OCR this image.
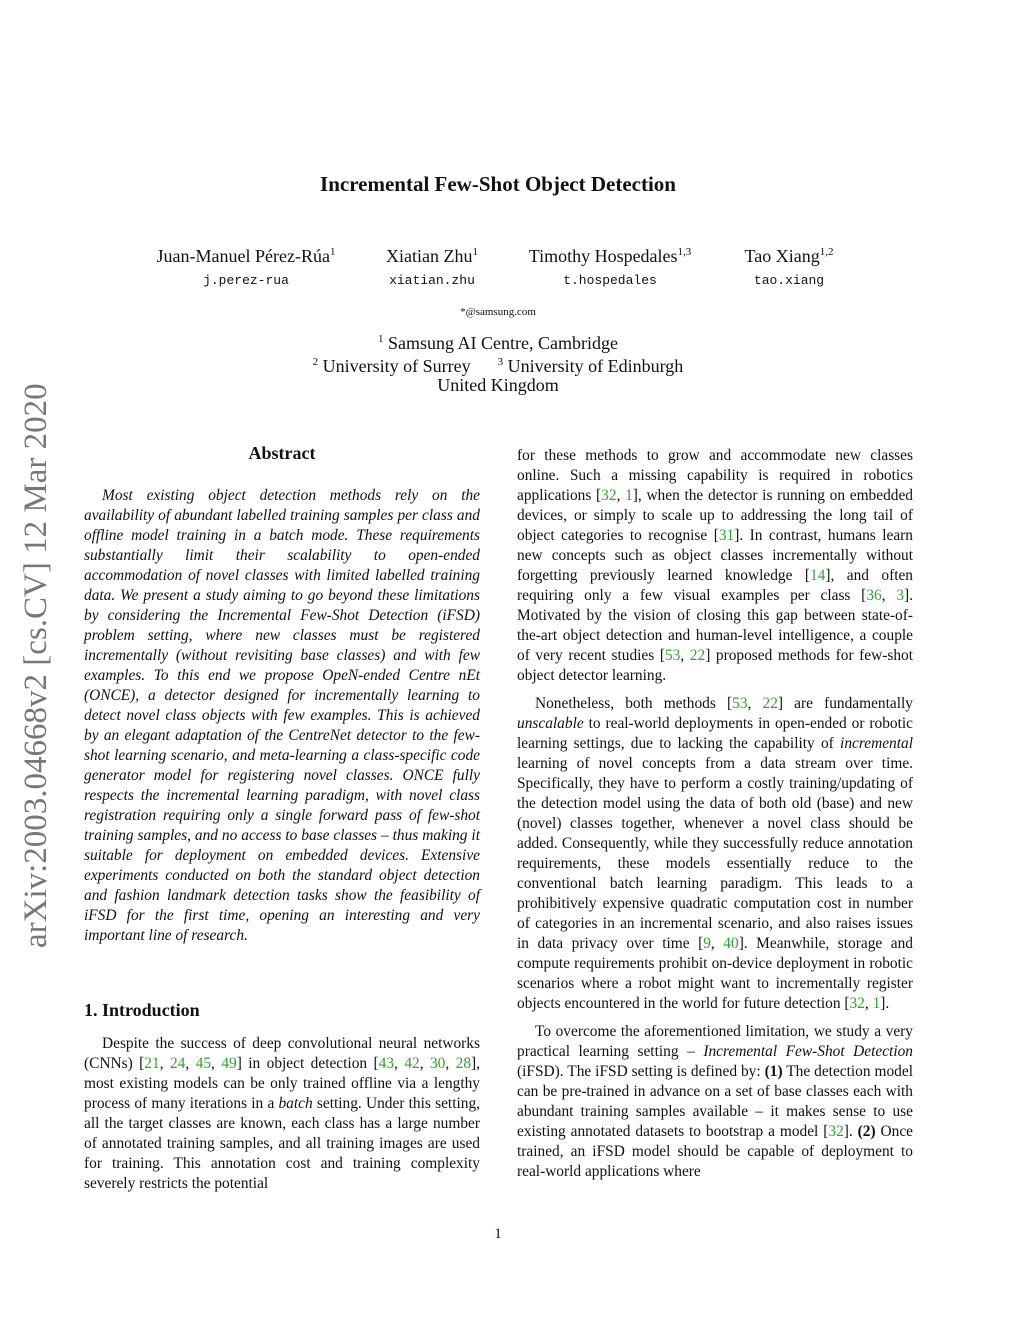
Incremental Few-Shot Object Detection
Juan-Manuel Pérez-Rúa$^1$
j.perez-rua
Xiatian Zhu$^1$
xiatian.zhu
Timothy Hospedales$^{1,3}$
t.hospedales
Tao Xiang$^{1,2}$
tao.xiang
*@samsung.com
$^1$ Samsung AI Centre, Cambridge
$^2$ University of Surrey $^3$ University of Edinburgh
United Kingdom
arXiv:2003.04668v2 [cs.CV] 12 Mar 2020	Abstract

Most existing object detection methods rely on the availability of abundant labelled training samples per class and offline model training in a batch mode. These requirements substantially limit their scalability to open-ended accommodation of novel classes with limited labelled training data. We present a study aiming to go beyond these limitations by considering the Incremental Few-Shot Detection (iFSD) problem setting, where new classes must be registered incrementally (without revisiting base classes) and with few examples. To this end we propose OpeN-ended Centre nEt (ONCE), a detector designed for incrementally learning to detect novel class objects with few examples. This is achieved by an elegant adaptation of the CentreNet detector to the few-shot learning scenario, and meta-learning a class-specific code generator model for registering novel classes. ONCE fully respects the incremental learning paradigm, with novel class registration requiring only a single forward pass of few-shot training samples, and no access to base classes – thus making it suitable for deployment on embedded devices. Extensive experiments conducted on both the standard object detection and fashion landmark detection tasks show the feasibility of iFSD for the first time, opening an interesting and very important line of research.

1. Introduction

Despite the success of deep convolutional neural networks (CNNs) [21, 24, 45, 49] in object detection [43, 42, 30, 28], most existing models can be only trained offline via a lengthy process of many iterations in a batch setting. Under this setting, all the target classes are known, each class has a large number of annotated training samples, and all training images are used for training. This annotation cost and training complexity severely restricts the potential

for these methods to grow and accommodate new classes online. Such a missing capability is required in robotics applications [32, 1], when the detector is running on embedded devices, or simply to scale up to addressing the long tail of object categories to recognise [31]. In contrast, humans learn new concepts such as object classes incrementally without forgetting previously learned knowledge [14], and often requiring only a few visual examples per class [36, 3]. Motivated by the vision of closing this gap between state-of-the-art object detection and human-level intelligence, a couple of very recent studies [53, 22] proposed methods for few-shot object detector learning.

Nonetheless, both methods [53, 22] are fundamentally unscalable to real-world deployments in open-ended or robotic learning settings, due to lacking the capability of incremental learning of novel concepts from a data stream over time. Specifically, they have to perform a costly training/updating of the detection model using the data of both old (base) and new (novel) classes together, whenever a novel class should be added. Consequently, while they successfully reduce annotation requirements, these models essentially reduce to the conventional batch learning paradigm. This leads to a prohibitively expensive quadratic computation cost in number of categories in an incremental scenario, and also raises issues in data privacy over time [9, 40]. Meanwhile, storage and compute requirements prohibit on-device deployment in robotic scenarios where a robot might want to incrementally register objects encountered in the world for future detection [32, 1].

To overcome the aforementioned limitation, we study a very practical learning setting – Incremental Few-Shot Detection (iFSD). The iFSD setting is defined by: (1) The detection model can be pre-trained in advance on a set of base classes each with abundant training samples available – it makes sense to use existing annotated datasets to bootstrap a model [32]. (2) Once trained, an iFSD model should be capable of deployment to real-world applications where

1
